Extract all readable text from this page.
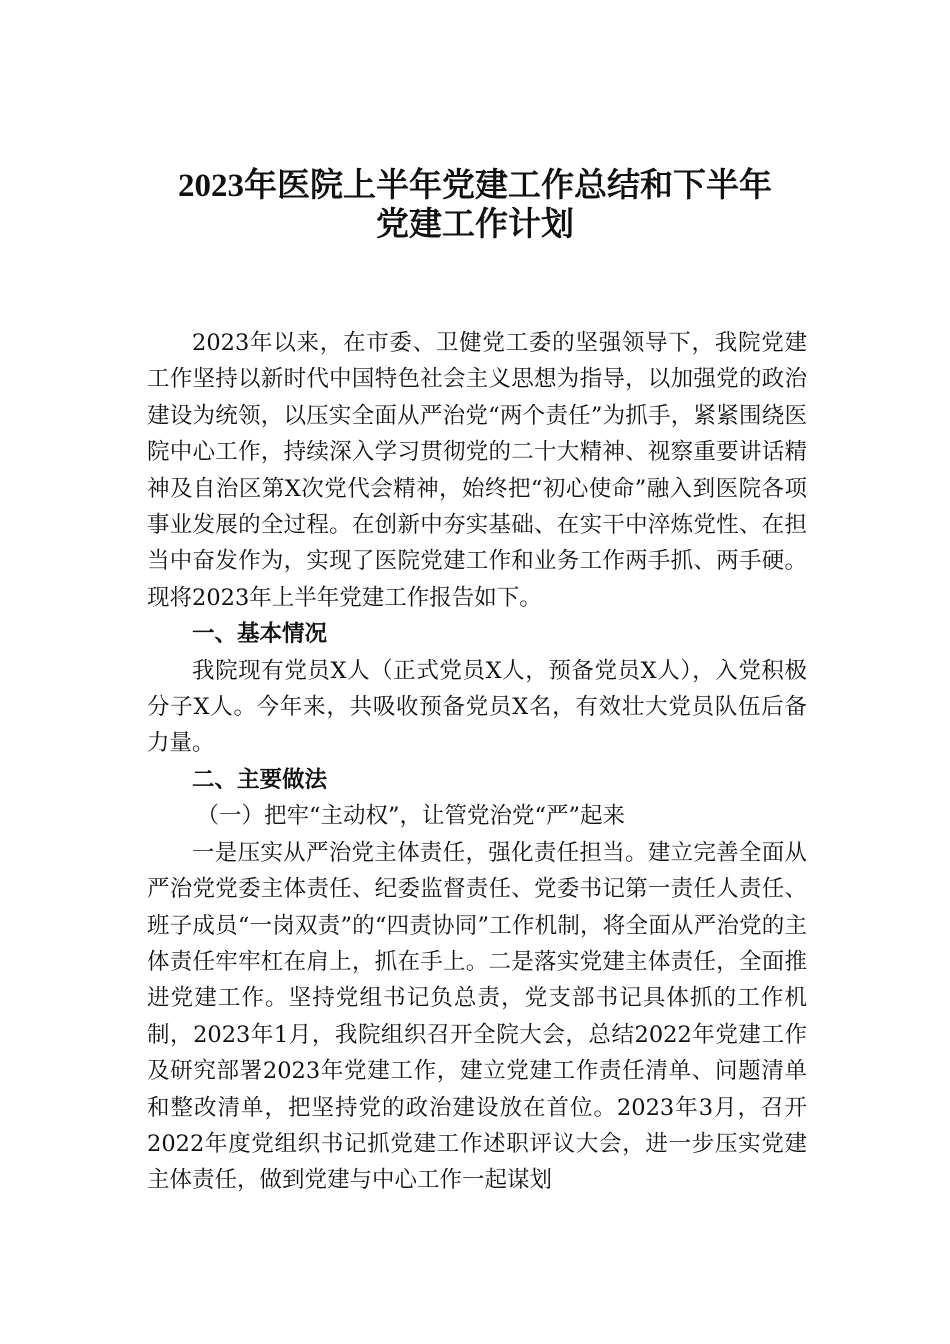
2023年医院上半年党建工作总结和下半年
党建工作计划

2023年以来，在市委、卫健党工委的坚强领导下，我院党建工作坚持以新时代中国特色社会主义思想为指导，以加强党的政治建设为统领，以压实全面从严治党“两个责任”为抓手，紧紧围绕医院中心工作，持续深入学习贯彻党的二十大精神、视察重要讲话精神及自治区第X次党代会精神，始终把“初心使命”融入到医院各项事业发展的全过程。在创新中夯实基础、在实干中淬炼党性、在担当中奋发作为，实现了医院党建工作和业务工作两手抓、两手硬。现将2023年上半年党建工作报告如下。

一、基本情况

我院现有党员X人（正式党员X人，预备党员X人），入党积极分子X人。今年来，共吸收预备党员X名，有效壮大党员队伍后备力量。

二、主要做法
（一）把牢“主动权”，让管党治党“严”起来

一是压实从严治党主体责任，强化责任担当。建立完善全面从严治党党委主体责任、纪委监督责任、党委书记第一责任人责任、班子成员“一岗双责”的“四责协同”工作机制，将全面从严治党的主体责任牢牢杠在肩上，抓在手上。二是落实党建主体责任，全面推进党建工作。坚持党组书记负总责，党支部书记具体抓的工作机制，2023年1月，我院组织召开全院大会，总结2022年党建工作及研究部署2023年党建工作，建立党建工作责任清单、问题清单和整改清单，把坚持党的政治建设放在首位。2023年3月，召开2022年度党组织书记抓党建工作述职评议大会，进一步压实党建主体责任，做到党建与中心工作一起谋划
